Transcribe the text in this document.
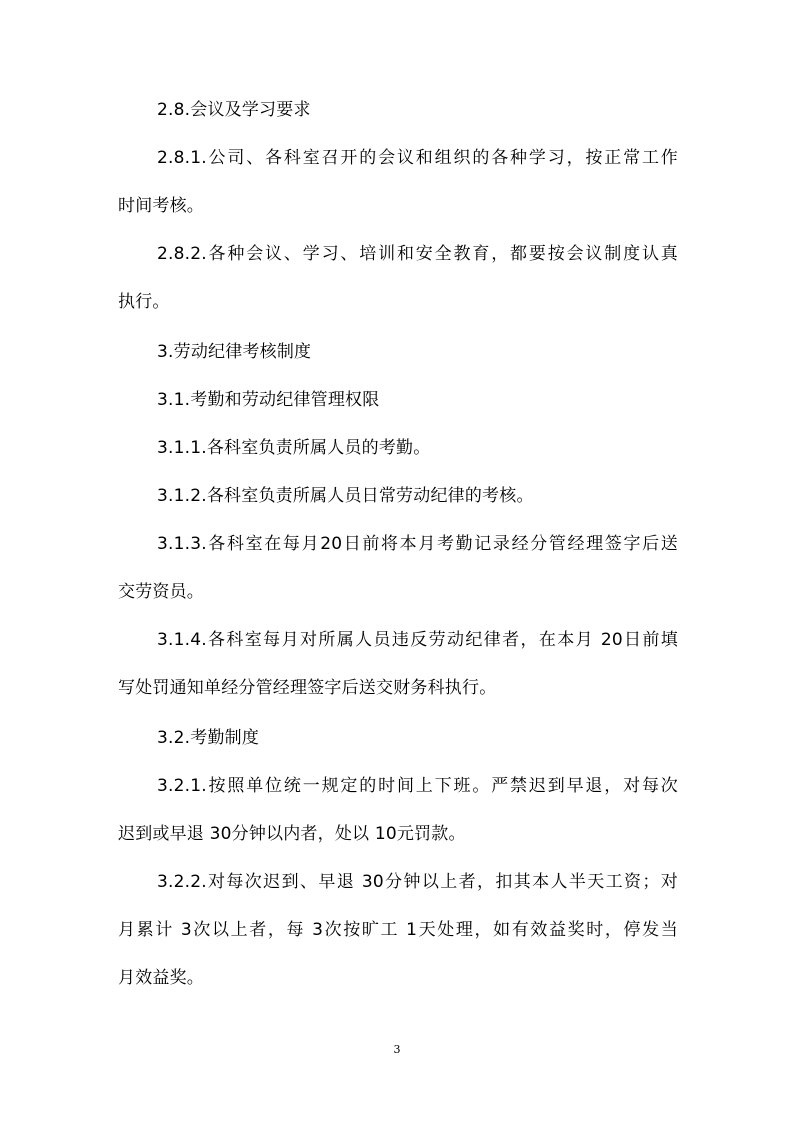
2.8.会议及学习要求
2.8.1.公司、各科室召开的会议和组织的各种学习，按正常工作
时间考核。
2.8.2.各种会议、学习、培训和安全教育，都要按会议制度认真
执行。
3.劳动纪律考核制度
3.1.考勤和劳动纪律管理权限
3.1.1.各科室负责所属人员的考勤。
3.1.2.各科室负责所属人员日常劳动纪律的考核。
3.1.3.各科室在每月20日前将本月考勤记录经分管经理签字后送
交劳资员。
3.1.4.各科室每月对所属人员违反劳动纪律者，在本月 20日前填
写处罚通知单经分管经理签字后送交财务科执行。
3.2.考勤制度
3.2.1.按照单位统一规定的时间上下班。严禁迟到早退，对每次
迟到或早退 30分钟以内者，处以 10元罚款。
3.2.2.对每次迟到、早退 30分钟以上者，扣其本人半天工资；对
月累计 3次以上者，每 3次按旷工 1天处理，如有效益奖时，停发当
月效益奖。
3
